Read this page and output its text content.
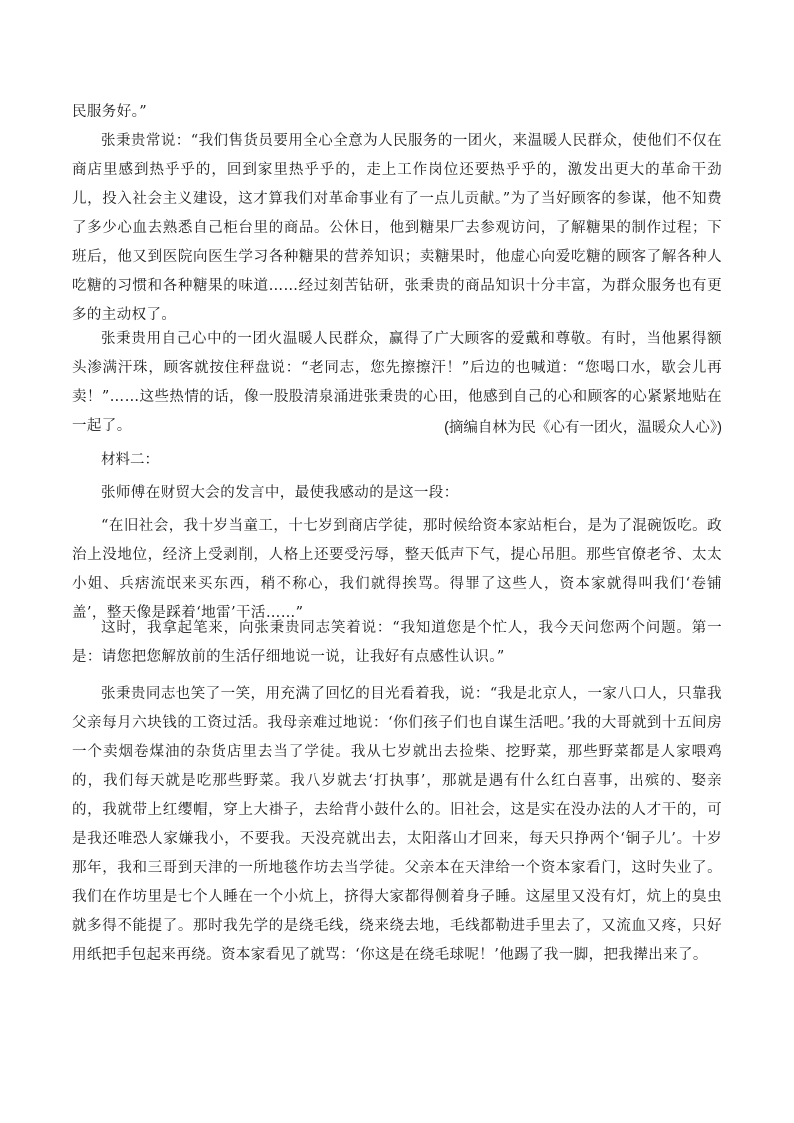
民服务好。”
张秉贵常说：“我们售货员要用全心全意为人民服务的一团火，来温暖人民群众，使他们不仅在商店里感到热乎乎的，回到家里热乎乎的，走上工作岗位还要热乎乎的，激发出更大的革命干劲儿，投入社会主义建设，这才算我们对革命事业有了一点儿贡献。”为了当好顾客的参谋，他不知费了多少心血去熟悉自己柜台里的商品。公休日，他到糖果厂去参观访问，了解糖果的制作过程；下班后，他又到医院向医生学习各种糖果的营养知识；卖糖果时，他虚心向爱吃糖的顾客了解各种人吃糖的习惯和各种糖果的味道……经过刻苦钻研，张秉贵的商品知识十分丰富，为群众服务也有更多的主动权了。
张秉贵用自己心中的一团火温暖人民群众，赢得了广大顾客的爱戴和尊敬。有时，当他累得额头渗满汗珠，顾客就按住秤盘说：“老同志，您先擦擦汗！”后边的也喊道：“您喝口水，歇会儿再卖！”……这些热情的话，像一股股清泉涌进张秉贵的心田，他感到自己的心和顾客的心紧紧地贴在一起了。	(摘编自林为民《心有一团火，温暖众人心》)
材料二：
张师傅在财贸大会的发言中，最使我感动的是这一段：
“在旧社会，我十岁当童工，十七岁到商店学徒，那时候给资本家站柜台，是为了混碗饭吃。政治上没地位，经济上受剥削，人格上还要受污辱，整天低声下气，提心吊胆。那些官僚老爷、太太小姐、兵痞流氓来买东西，稍不称心，我们就得挨骂。得罪了这些人，资本家就得叫我们‘卷铺盖’，整天像是踩着‘地雷’干活……”
这时，我拿起笔来，向张秉贵同志笑着说：“我知道您是个忙人，我今天问您两个问题。第一是：请您把您解放前的生活仔细地说一说，让我好有点感性认识。”
张秉贵同志也笑了一笑，用充满了回忆的目光看着我，说：“我是北京人，一家八口人，只靠我父亲每月六块钱的工资过活。我母亲难过地说：‘你们孩子们也自谋生活吧。’我的大哥就到十五间房一个卖烟卷煤油的杂货店里去当了学徒。我从七岁就出去捡柴、挖野菜，那些野菜都是人家喂鸡的，我们每天就是吃那些野菜。我八岁就去‘打执事’，那就是遇有什么红白喜事，出殡的、娶亲的，我就带上红缨帽，穿上大褂子，去给背小鼓什么的。旧社会，这是实在没办法的人才干的，可是我还唯恐人家嫌我小，不要我。天没亮就出去，太阳落山才回来，每天只挣两个‘铜子儿’。十岁那年，我和三哥到天津的一所地毯作坊去当学徒。父亲本在天津给一个资本家看门，这时失业了。我们在作坊里是七个人睡在一个小炕上，挤得大家都得侧着身子睡。这屋里又没有灯，炕上的臭虫就多得不能提了。那时我先学的是绕毛线，绕来绕去地，毛线都勒进手里去了，又流血又疼，只好用纸把手包起来再绕。资本家看见了就骂：‘你这是在绕毛球呢！’他踢了我一脚，把我撵出来了。
